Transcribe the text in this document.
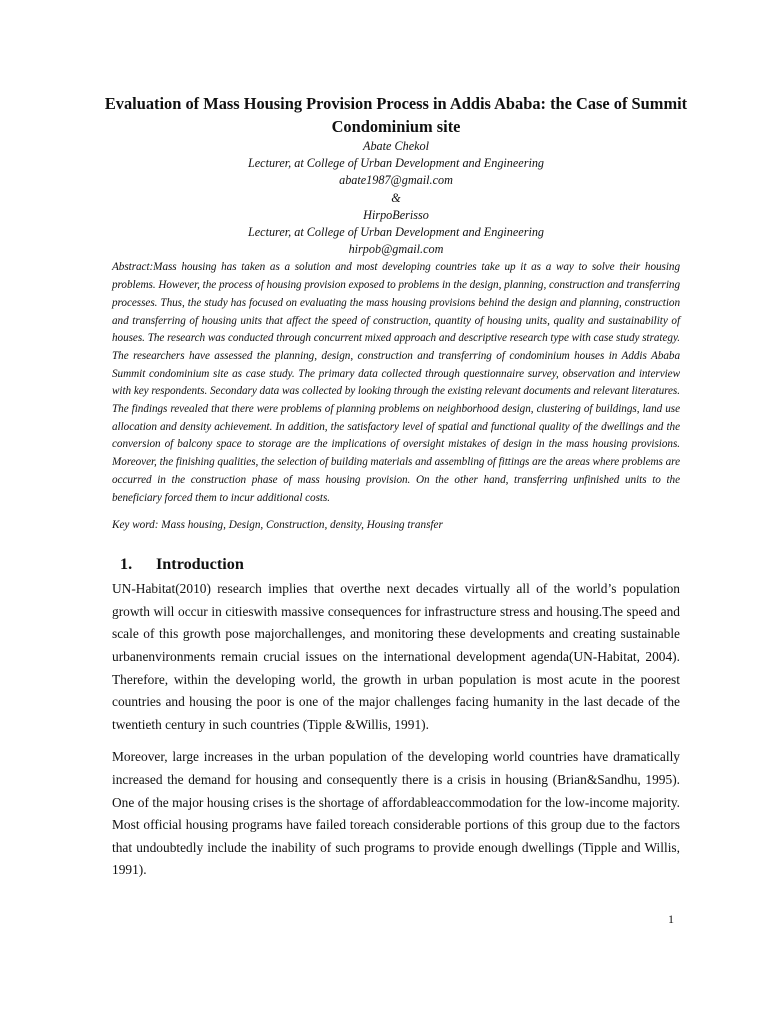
Evaluation of Mass Housing Provision Process in Addis Ababa: the Case of Summit Condominium site
Abate Chekol
Lecturer, at College of Urban Development and Engineering
abate1987@gmail.com
&
HirpoBerisso
Lecturer, at College of Urban Development and Engineering
hirpob@gmail.com
Abstract:Mass housing has taken as a solution and most developing countries take up it as a way to solve their housing problems. However, the process of housing provision exposed to problems in the design, planning, construction and transferring processes. Thus, the study has focused on evaluating the mass housing provisions behind the design and planning, construction and transferring of housing units that affect the speed of construction, quantity of housing units, quality and sustainability of houses. The research was conducted through concurrent mixed approach and descriptive research type with case study strategy. The researchers have assessed the planning, design, construction and transferring of condominium houses in Addis Ababa Summit condominium site as case study. The primary data collected through questionnaire survey, observation and interview with key respondents. Secondary data was collected by looking through the existing relevant documents and relevant literatures. The findings revealed that there were problems of planning problems on neighborhood design, clustering of buildings, land use allocation and density achievement. In addition, the satisfactory level of spatial and functional quality of the dwellings and the conversion of balcony space to storage are the implications of oversight mistakes of design in the mass housing provisions. Moreover, the finishing qualities, the selection of building materials and assembling of fittings are the areas where problems are occurred in the construction phase of mass housing provision. On the other hand, transferring unfinished units to the beneficiary forced them to incur additional costs.
Key word: Mass housing, Design, Construction, density, Housing transfer
1.	Introduction

UN-Habitat(2010) research implies that overthe next decades virtually all of the world’s population growth will occur in citieswith massive consequences for infrastructure stress and housing.The speed and scale of this growth pose majorchallenges, and monitoring these developments and creating sustainable urbanenvironments remain crucial issues on the international development agenda(UN-Habitat, 2004). Therefore, within the developing world, the growth in urban population is most acute in the poorest countries and housing the poor is one of the major challenges facing humanity in the last decade of the twentieth century in such countries (Tipple &Willis, 1991).

Moreover, large increases in the urban population of the developing world countries have dramatically increased the demand for housing and consequently there is a crisis in housing (Brian&Sandhu, 1995). One of the major housing crises is the shortage of affordableaccommodation for the low-income majority. Most official housing programs have failed toreach considerable portions of this group due to the factors that undoubtedly include the inability of such programs to provide enough dwellings (Tipple and Willis, 1991).

1
